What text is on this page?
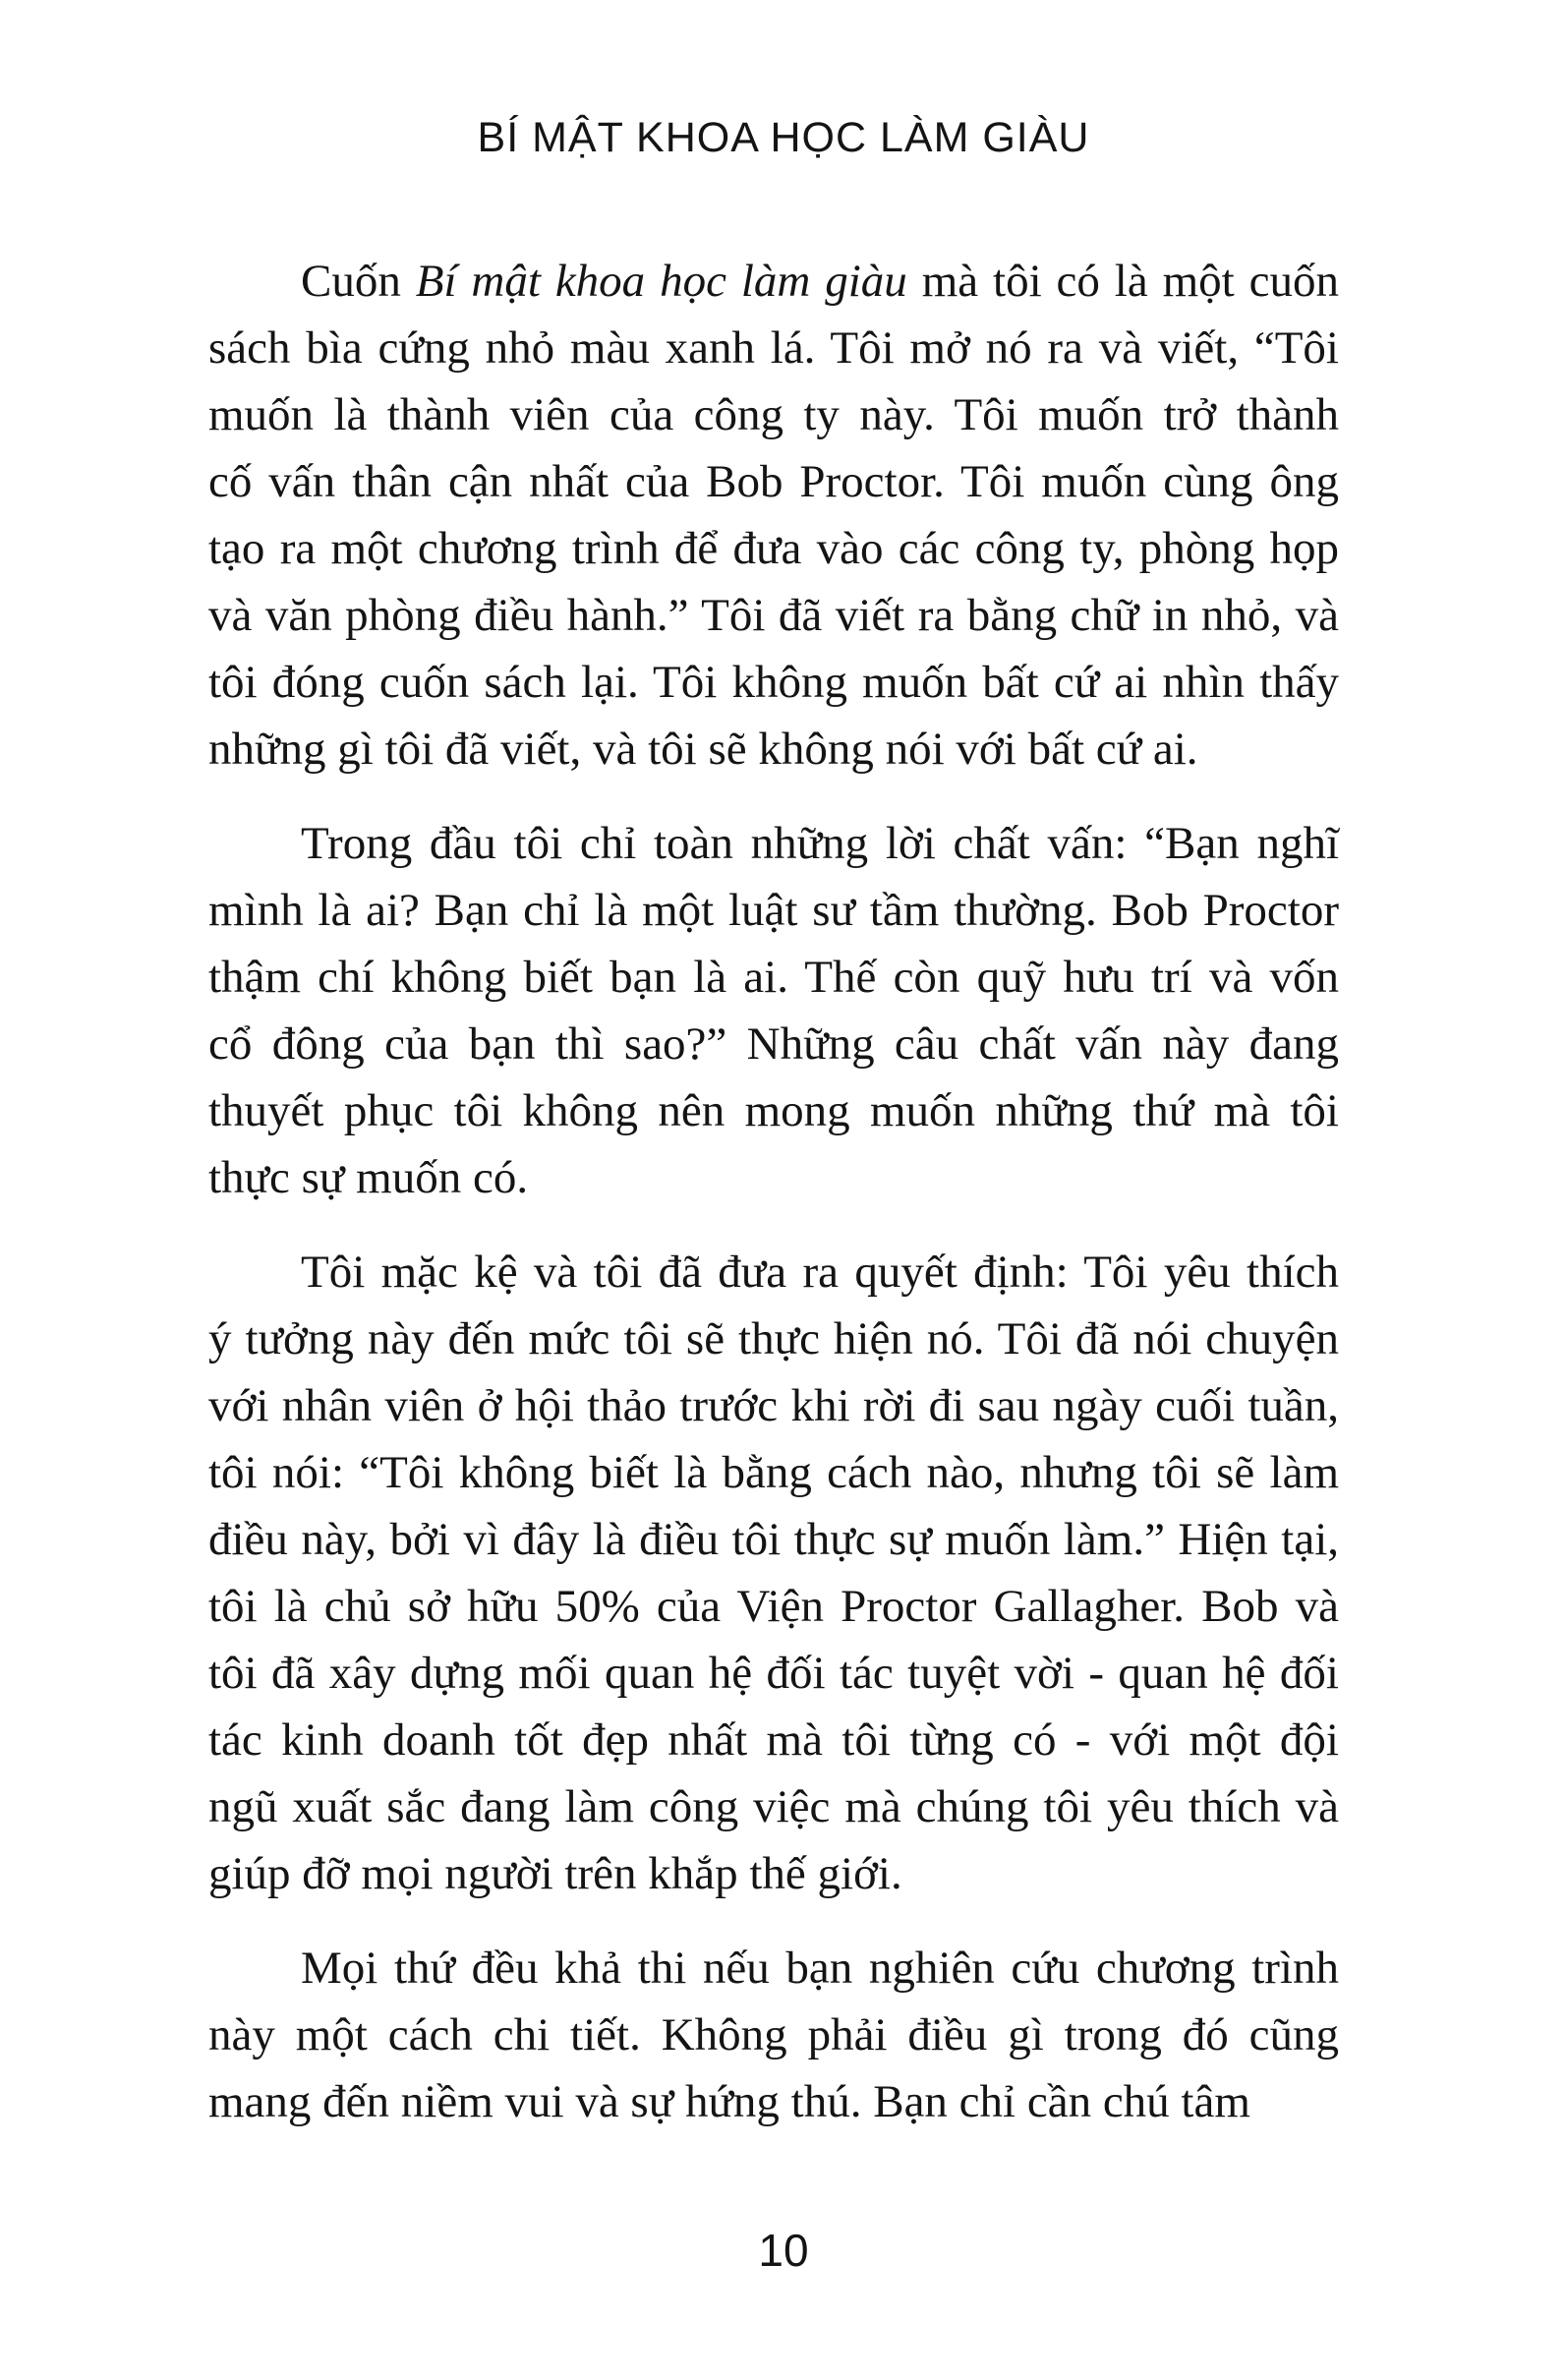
BÍ MẬT KHOA HỌC LÀM GIÀU
Cuốn Bí mật khoa học làm giàu mà tôi có là một cuốn
sách bìa cứng nhỏ màu xanh lá. Tôi mở nó ra và viết, “Tôi
muốn là thành viên của công ty này. Tôi muốn trở thành
cố vấn thân cận nhất của Bob Proctor. Tôi muốn cùng ông
tạo ra một chương trình để đưa vào các công ty, phòng họp
và văn phòng điều hành.” Tôi đã viết ra bằng chữ in nhỏ, và
tôi đóng cuốn sách lại. Tôi không muốn bất cứ ai nhìn thấy
những gì tôi đã viết, và tôi sẽ không nói với bất cứ ai.
Trong đầu tôi chỉ toàn những lời chất vấn: “Bạn nghĩ
mình là ai? Bạn chỉ là một luật sư tầm thường. Bob Proctor
thậm chí không biết bạn là ai. Thế còn quỹ hưu trí và vốn
cổ đông của bạn thì sao?” Những câu chất vấn này đang
thuyết phục tôi không nên mong muốn những thứ mà tôi
thực sự muốn có.
Tôi mặc kệ và tôi đã đưa ra quyết định: Tôi yêu thích
ý tưởng này đến mức tôi sẽ thực hiện nó. Tôi đã nói chuyện
với nhân viên ở hội thảo trước khi rời đi sau ngày cuối tuần,
tôi nói: “Tôi không biết là bằng cách nào, nhưng tôi sẽ làm
điều này, bởi vì đây là điều tôi thực sự muốn làm.” Hiện tại,
tôi là chủ sở hữu 50% của Viện Proctor Gallagher. Bob và
tôi đã xây dựng mối quan hệ đối tác tuyệt vời - quan hệ đối
tác kinh doanh tốt đẹp nhất mà tôi từng có - với một đội
ngũ xuất sắc đang làm công việc mà chúng tôi yêu thích và
giúp đỡ mọi người trên khắp thế giới.
Mọi thứ đều khả thi nếu bạn nghiên cứu chương trình
này một cách chi tiết. Không phải điều gì trong đó cũng
mang đến niềm vui và sự hứng thú. Bạn chỉ cần chú tâm
10
